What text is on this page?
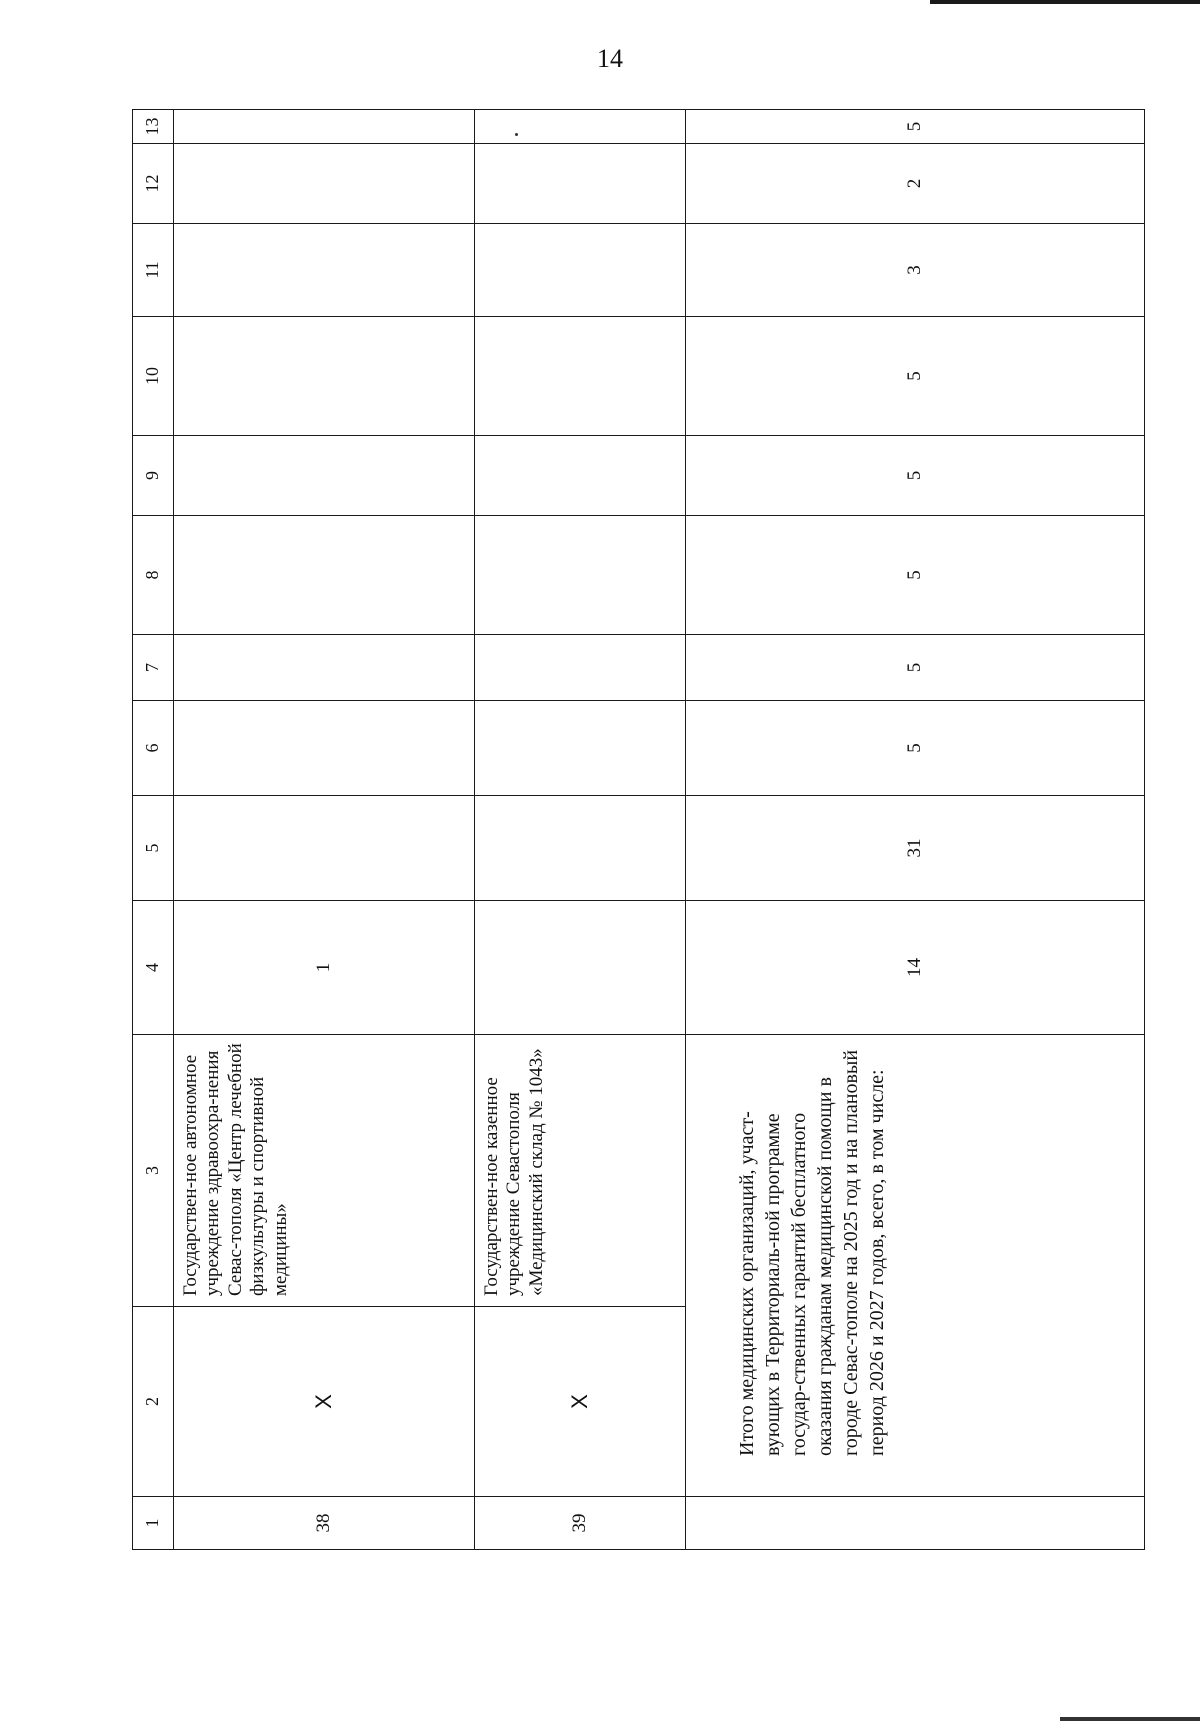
14
1	2	3	4	5	6	7	8	9	10	11	12	13
38	Х	Государствен-ное автономное учреждение здравоохра-нения Севас-тополя «Центр лечебной физкультуры и спортивной медицины»	1									
39	Х	Государствен-ное казенное учреждение Севастополя «Медицинский склад № 1043»										
	Итого медицинских организаций, участ-вующих в Территориаль-ной программе государ-ственных гарантий бесплатного оказания гражданам медицинской помощи в городе Севас-тополе на 2025 год и на плановый период 2026 и 2027 годов, всего, в том числе:		14	31	5	5	5	5	5	3	2	5
